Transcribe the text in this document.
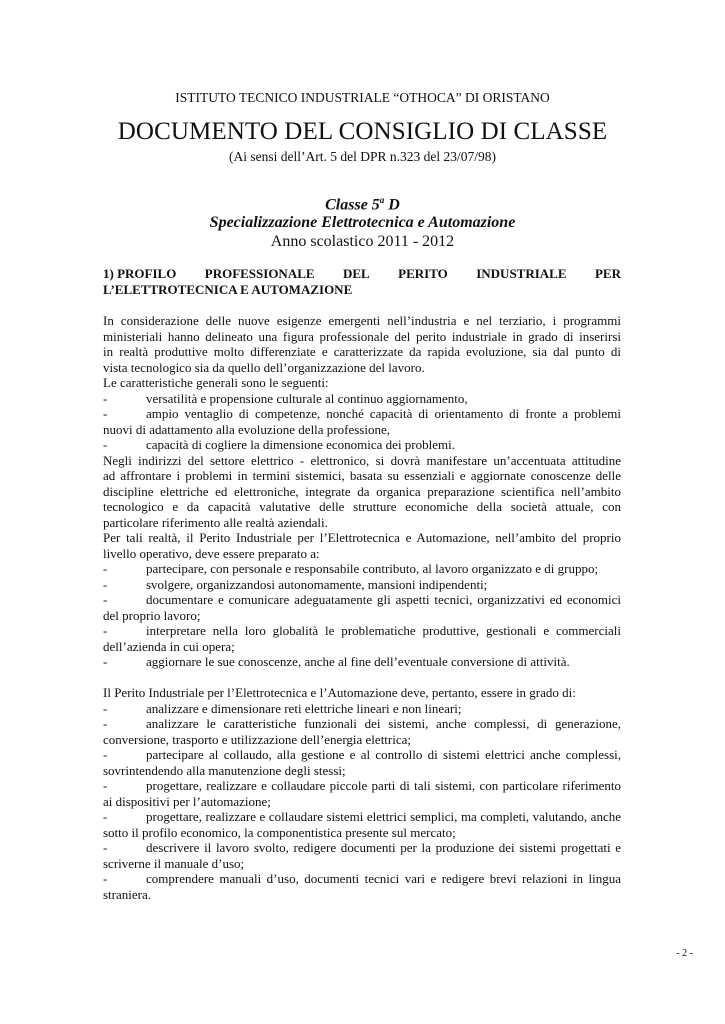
ISTITUTO TECNICO INDUSTRIALE “OTHOCA” DI ORISTANO
DOCUMENTO DEL CONSIGLIO DI CLASSE
(Ai sensi dell’Art. 5 del DPR n.323 del 23/07/98)
Classe 5$^a$ D
Specializzazione Elettrotecnica e Automazione
Anno scolastico 2011 - 2012
1) PROFILO PROFESSIONALE DEL PERITO INDUSTRIALE PER
L’ELETTROTECNICA E AUTOMAZIONE

In considerazione delle nuove esigenze emergenti nell’industria e nel terziario, i programmi

ministeriali hanno delineato una figura professionale del perito industriale in grado di inserirsi

in realtà produttive molto differenziate e caratterizzate da rapida evoluzione, sia dal punto di

vista tecnologico sia da quello dell’organizzazione del lavoro.

Le caratteristiche generali sono le seguenti:

-	versatilità e propensione culturale al continuo aggiornamento,
-	ampio ventaglio di competenze, nonché capacità di orientamento di fronte a problemi
nuovi di adattamento alla evoluzione della professione,
-	capacità di cogliere la dimensione economica dei problemi.

Negli indirizzi del settore elettrico - elettronico, si dovrà manifestare un’accentuata attitudine

ad affrontare i problemi in termini sistemici, basata su essenziali e aggiornate conoscenze delle

discipline elettriche ed elettroniche, integrate da organica preparazione scientifica nell’ambito

tecnologico e da capacità valutative delle strutture economiche della società attuale, con

particolare riferimento alle realtà aziendali.

Per tali realtà, il Perito Industriale per l’Elettrotecnica e Automazione, nell’ambito del proprio

livello operativo, deve essere preparato a:

-	partecipare, con personale e responsabile contributo, al lavoro organizzato e di gruppo;
-	svolgere, organizzandosi autonomamente, mansioni indipendenti;
-	documentare e comunicare adeguatamente gli aspetti tecnici, organizzativi ed economici
del proprio lavoro;
-	interpretare nella loro globalità le problematiche produttive, gestionali e commerciali
dell’azienda in cui opera;
-	aggiornare le sue conoscenze, anche al fine dell’eventuale conversione di attività.

Il Perito Industriale per l’Elettrotecnica e l’Automazione deve, pertanto, essere in grado di:

-	analizzare e dimensionare reti elettriche lineari e non lineari;
-	analizzare le caratteristiche funzionali dei sistemi, anche complessi, di generazione,
conversione, trasporto e utilizzazione dell’energia elettrica;
-	partecipare al collaudo, alla gestione e al controllo di sistemi elettrici anche complessi,
sovrintendendo alla manutenzione degli stessi;
-	progettare, realizzare e collaudare piccole parti di tali sistemi, con particolare riferimento
ai dispositivi per l’automazione;
-	progettare, realizzare e collaudare sistemi elettrici semplici, ma completi, valutando, anche
sotto il profilo economico, la componentistica presente sul mercato;
-	descrivere il lavoro svolto, redigere documenti per la produzione dei sistemi progettati e
scriverne il manuale d’uso;
-	comprendere manuali d’uso, documenti tecnici vari e redigere brevi relazioni in lingua
straniera.
- 2 -
